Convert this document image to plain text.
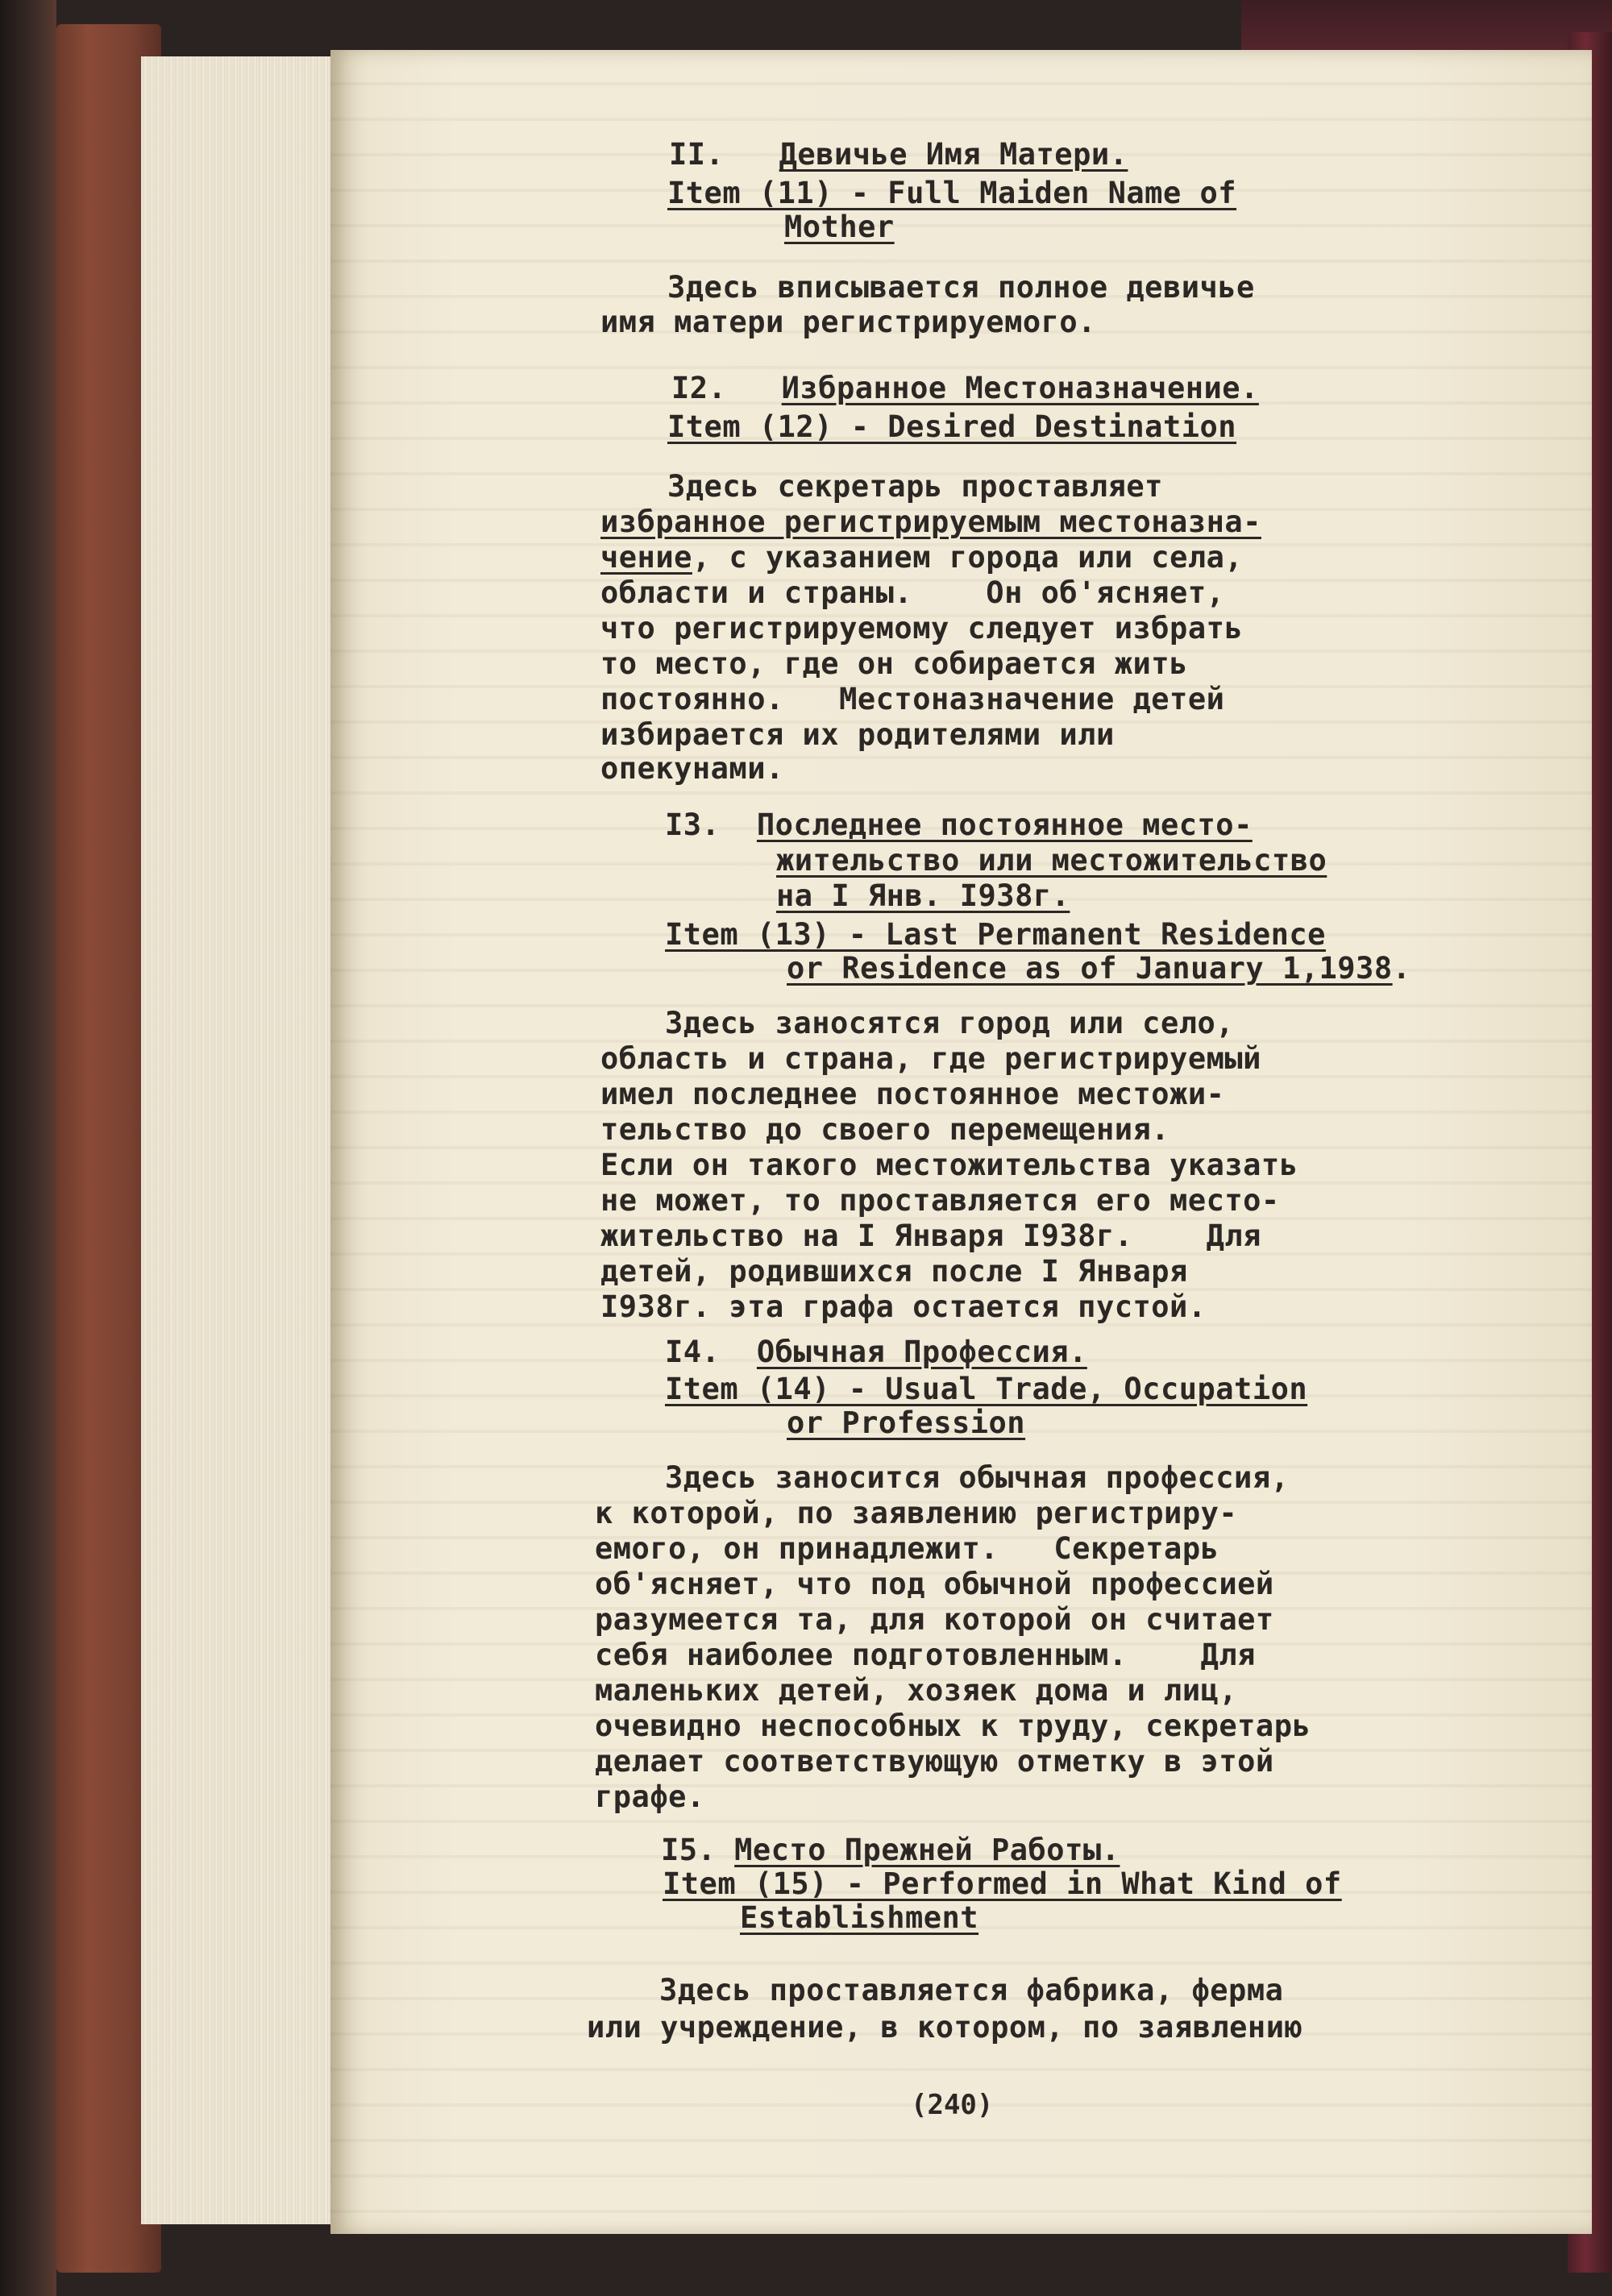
II. Девичье Имя Матери.
Item (11) - Full Maiden Name of
Mother
Здесь вписывается полное девичье
имя матери регистрируемого.
I2. Избранное Местоназначение.
Item (12) - Desired Destination
Здесь секретарь проставляет
избранное регистрируемым местоназна-
чение, с указанием города или села,
области и страны.    Он об'ясняет,
что регистрируемому следует избрать
то место, где он собирается жить
постоянно.   Местоназначение детей
избирается их родителями или
опекунами.
I3. Последнее постоянное место-
жительство или местожительство
на I Янв. I938г.
Item (13) - Last Permanent Residence
or Residence as of January 1,1938.
Здесь заносятся город или село,
область и страна, где регистрируемый
имел последнее постоянное местожи-
тельство до своего перемещения.
Если он такого местожительства указать
не может, то проставляется его место-
жительство на I Января I938г.    Для
детей, родившихся после I Января
I938г. эта графа остается пустой.
I4. Обычная Профессия.
Item (14) - Usual Trade, Occupation
or Profession
Здесь заносится обычная профессия,
к которой, по заявлению регистриру-
емого, он принадлежит.   Секретарь
об'ясняет, что под обычной профессией
разумеется та, для которой он считает
себя наиболее подготовленным.    Для
маленьких детей, хозяек дома и лиц,
очевидно неспособных к труду, секретарь
делает соответствующую отметку в этой
графе.
I5. Место Прежней Работы.
Item (15) - Performed in What Kind of
Establishment
Здесь проставляется фабрика, ферма
или учреждение, в котором, по заявлению
(240)
